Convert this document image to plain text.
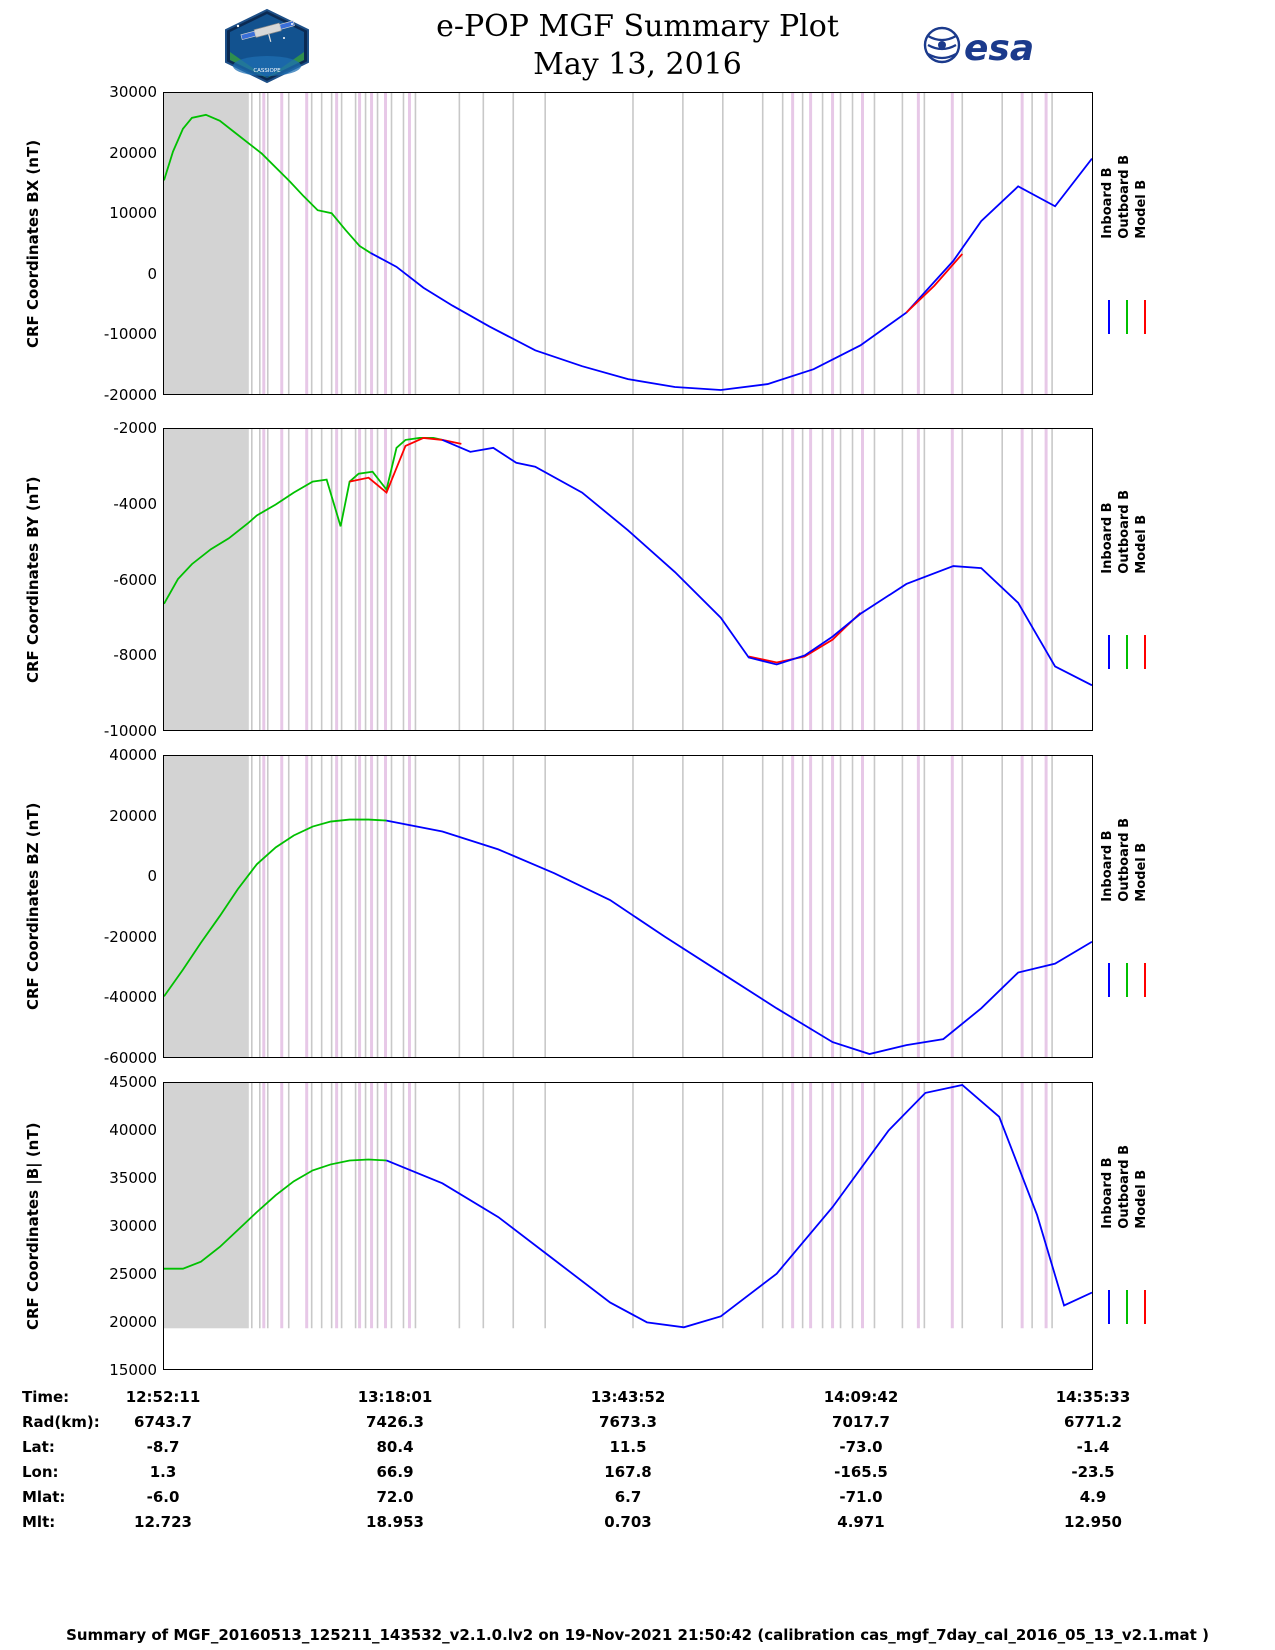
e-POP MGF Summary Plot
May 13, 2016
CASSIOPE
esa
30000
20000
10000
0
-10000
-20000
CRF Coordinates BX (nT)	Inboard B Outboard B Model B
-2000
-4000
-6000
-8000
-10000
CRF Coordinates BY (nT)	Inboard B Outboard B Model B
40000
20000
0
-20000
-40000
-60000
CRF Coordinates BZ (nT)	Inboard B Outboard B Model B
45000
40000
35000
30000
25000
20000
15000
CRF Coordinates |B| (nT)	Inboard B Outboard B Model B
Time:	12:52:11	13:18:01	13:43:52	14:09:42	14:35:33
Rad(km): 6743.7	7426.3	7673.3	7017.7	6771.2
Lat:	-8.7	80.4	11.5	-73.0	-1.4
Lon:	1.3	66.9	167.8	-165.5	-23.5
Mlat:	-6.0	72.0	6.7	-71.0	4.9
Mlt:	12.723	18.953	0.703	4.971	12.950
Summary of MGF_20160513_125211_143532_v2.1.0.lv2 on 19-Nov-2021 21:50:42 (calibration cas_mgf_7day_cal_2016_05_13_v2.1.mat )
